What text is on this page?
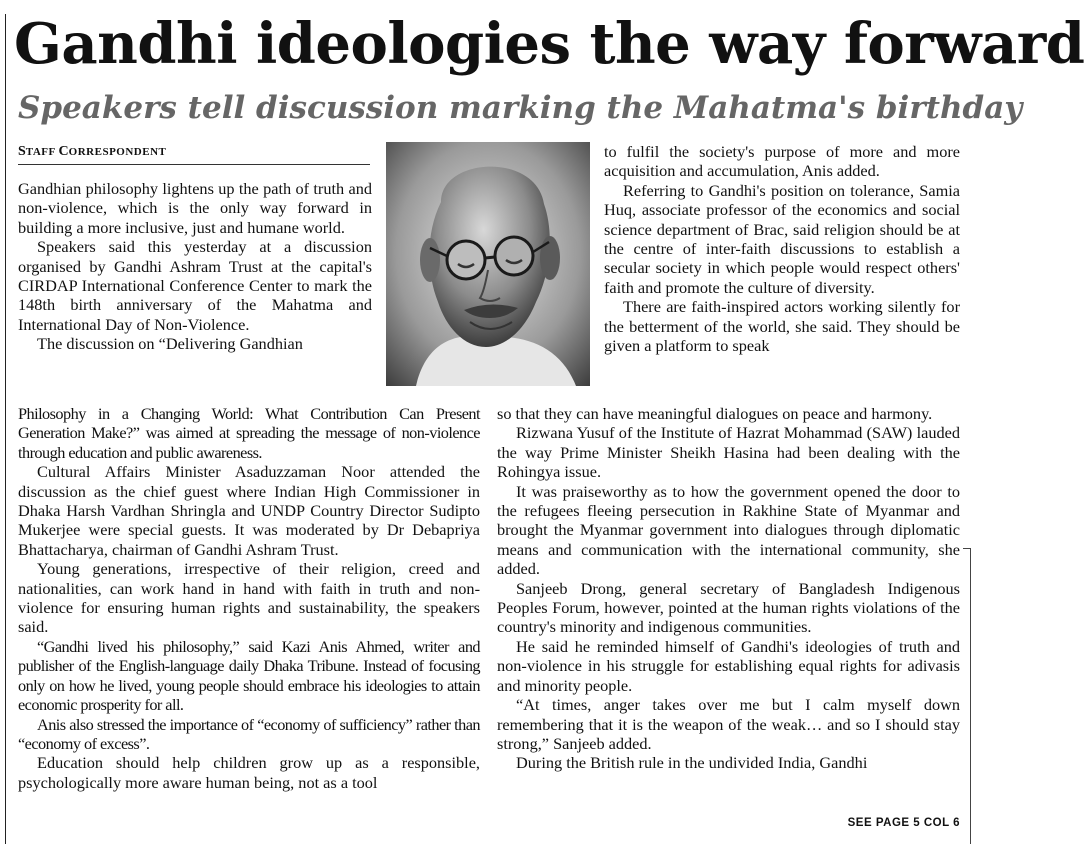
Gandhi ideologies the way forward
Speakers tell discussion marking the Mahatma's birthday
STAFF CORRESPONDENT

Gandhian philosophy lightens up the path of truth and non-violence, which is the only way forward in building a more inclusive, just and humane world.

Speakers said this yesterday at a discussion organised by Gandhi Ashram Trust at the capital's CIRDAP International Conference Center to mark the 148th birth anniversary of the Mahatma and International Day of Non-Violence.

The discussion on “Delivering Gandhian

Philosophy in a Changing World: What Contribution Can Present Generation Make?” was aimed at spreading the message of non-violence through education and public awareness.

Cultural Affairs Minister Asaduzzaman Noor attended the discussion as the chief guest where Indian High Commissioner in Dhaka Harsh Vardhan Shringla and UNDP Country Director Sudipto Mukerjee were special guests. It was moderated by Dr Debapriya Bhattacharya, chairman of Gandhi Ashram Trust.

Young generations, irrespective of their religion, creed and nationalities, can work hand in hand with faith in truth and non-violence for ensuring human rights and sustainability, the speakers said.

“Gandhi lived his philosophy,” said Kazi Anis Ahmed, writer and publisher of the English-language daily Dhaka Tribune. Instead of focusing only on how he lived, young people should embrace his ideologies to attain economic prosperity for all.

Anis also stressed the importance of “economy of sufficiency” rather than “economy of excess”.

Education should help children grow up as a responsible, psychologically more aware human being, not as a tool

to fulfil the society's purpose of more and more acquisition and accumulation, Anis added.

Referring to Gandhi's position on tolerance, Samia Huq, associate professor of the economics and social science department of Brac, said religion should be at the centre of inter-faith discussions to establish a secular society in which people would respect others' faith and promote the culture of diversity.

There are faith-inspired actors working silently for the betterment of the world, she said. They should be given a platform to speak

so that they can have meaningful dialogues on peace and harmony.

Rizwana Yusuf of the Institute of Hazrat Mohammad (SAW) lauded the way Prime Minister Sheikh Hasina had been dealing with the Rohingya issue.

It was praiseworthy as to how the government opened the door to the refugees fleeing persecution in Rakhine State of Myanmar and brought the Myanmar government into dialogues through diplomatic means and communication with the international community, she added.

Sanjeeb Drong, general secretary of Bangladesh Indigenous Peoples Forum, however, pointed at the human rights violations of the country's minority and indigenous communities.

He said he reminded himself of Gandhi's ideologies of truth and non-violence in his struggle for establishing equal rights for adivasis and minority people.

“At times, anger takes over me but I calm myself down remembering that it is the weapon of the weak… and so I should stay strong,” Sanjeeb added.

During the British rule in the undivided India, Gandhi

SEE PAGE 5 COL 6
